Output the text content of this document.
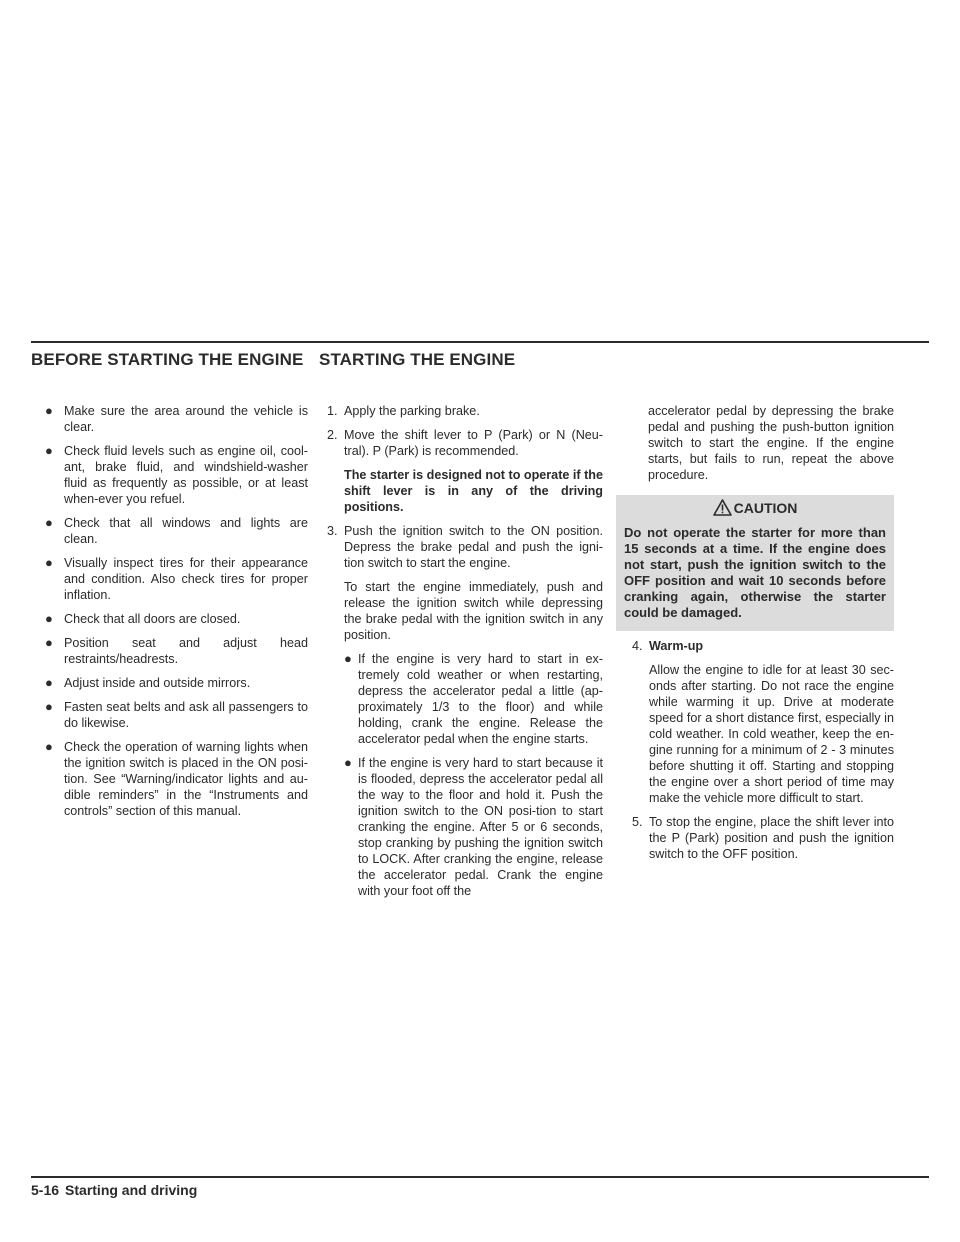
BEFORE STARTING THE ENGINE STARTING THE ENGINE
● Make sure the area around the vehicle is clear.
● Check fluid levels such as engine oil, cool-ant, brake fluid, and windshield-washer fluid as frequently as possible, or at least when-ever you refuel.
● Check that all windows and lights are clean.
● Visually inspect tires for their appearance and condition. Also check tires for proper inflation.
● Check that all doors are closed.
● Position seat and adjust head restraints/headrests.
● Adjust inside and outside mirrors.
● Fasten seat belts and ask all passengers to do likewise.
● Check the operation of warning lights when the ignition switch is placed in the ON posi-tion. See “Warning/indicator lights and au-dible reminders” in the “Instruments and controls” section of this manual.
1. Apply the parking brake.

2. Move the shift lever to P (Park) or N (Neu-tral). P (Park) is recommended.

The starter is designed not to operate if the shift lever is in any of the driving positions.

3. Push the ignition switch to the ON position. Depress the brake pedal and push the igni-tion switch to start the engine.

To start the engine immediately, push and release the ignition switch while depressing the brake pedal with the ignition switch in any position.

● If the engine is very hard to start in ex-tremely cold weather or when restarting, depress the accelerator pedal a little (ap-proximately 1/3 to the floor) and while holding, crank the engine. Release the accelerator pedal when the engine starts.
● If the engine is very hard to start because it is flooded, depress the accelerator pedal all the way to the floor and hold it. Push the ignition switch to the ON posi-tion to start cranking the engine. After 5 or 6 seconds, stop cranking by pushing the ignition switch to LOCK. After cranking the engine, release the accelerator pedal. Crank the engine with your foot off the

accelerator pedal by depressing the brake pedal and pushing the push-button ignition switch to start the engine. If the engine starts, but fails to run, repeat the above procedure.

CAUTION
Do not operate the starter for more than 15 seconds at a time. If the engine does not start, push the ignition switch to the OFF position and wait 10 seconds before cranking again, otherwise the starter could be damaged.
4. Warm-up

Allow the engine to idle for at least 30 sec-onds after starting. Do not race the engine while warming it up. Drive at moderate speed for a short distance first, especially in cold weather. In cold weather, keep the en-gine running for a minimum of 2 - 3 minutes before shutting it off. Starting and stopping the engine over a short period of time may make the vehicle more difficult to start.

5. To stop the engine, place the shift lever into the P (Park) position and push the ignition switch to the OFF position.

5-16 Starting and driving
